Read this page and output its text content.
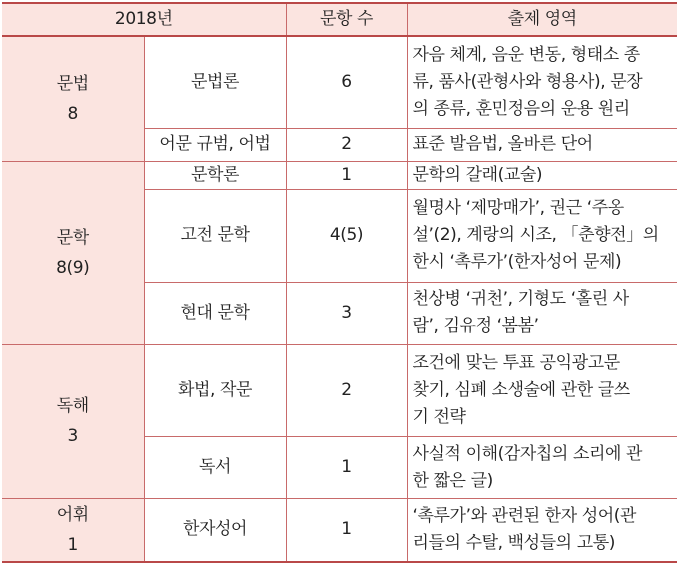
2018년		문항 수	출제 영역

문법
8	문법론	6	자음 체계, 음운 변동, 형태소 종
류, 품사(관형사와 형용사), 문장
의 종류, 훈민정음의 운용 원리

	어문 규범, 어법	2	표준 발음법, 올바른 단어

문학
8(9)	문학론	1	문학의 갈래(교술)

	고전 문학	4(5)	월명사 ‘제망매가’, 권근 ‘주옹
설’(2), 계랑의 시조, 「춘향전」의
한시 ‘촉루가’(한자성어 문제)

	현대 문학	3	천상병 ‘귀천’, 기형도 ‘홀린 사
람’, 김유정 ‘봄봄’

독해
3	화법, 작문	2	조건에 맞는 투표 공익광고문
찾기, 심폐 소생술에 관한 글쓰
기 전략

	독서	1	사실적 이해(감자칩의 소리에 관
한 짧은 글)

어휘
1	한자성어	1	‘촉루가’와 관련된 한자 성어(관
리들의 수탈, 백성들의 고통)
